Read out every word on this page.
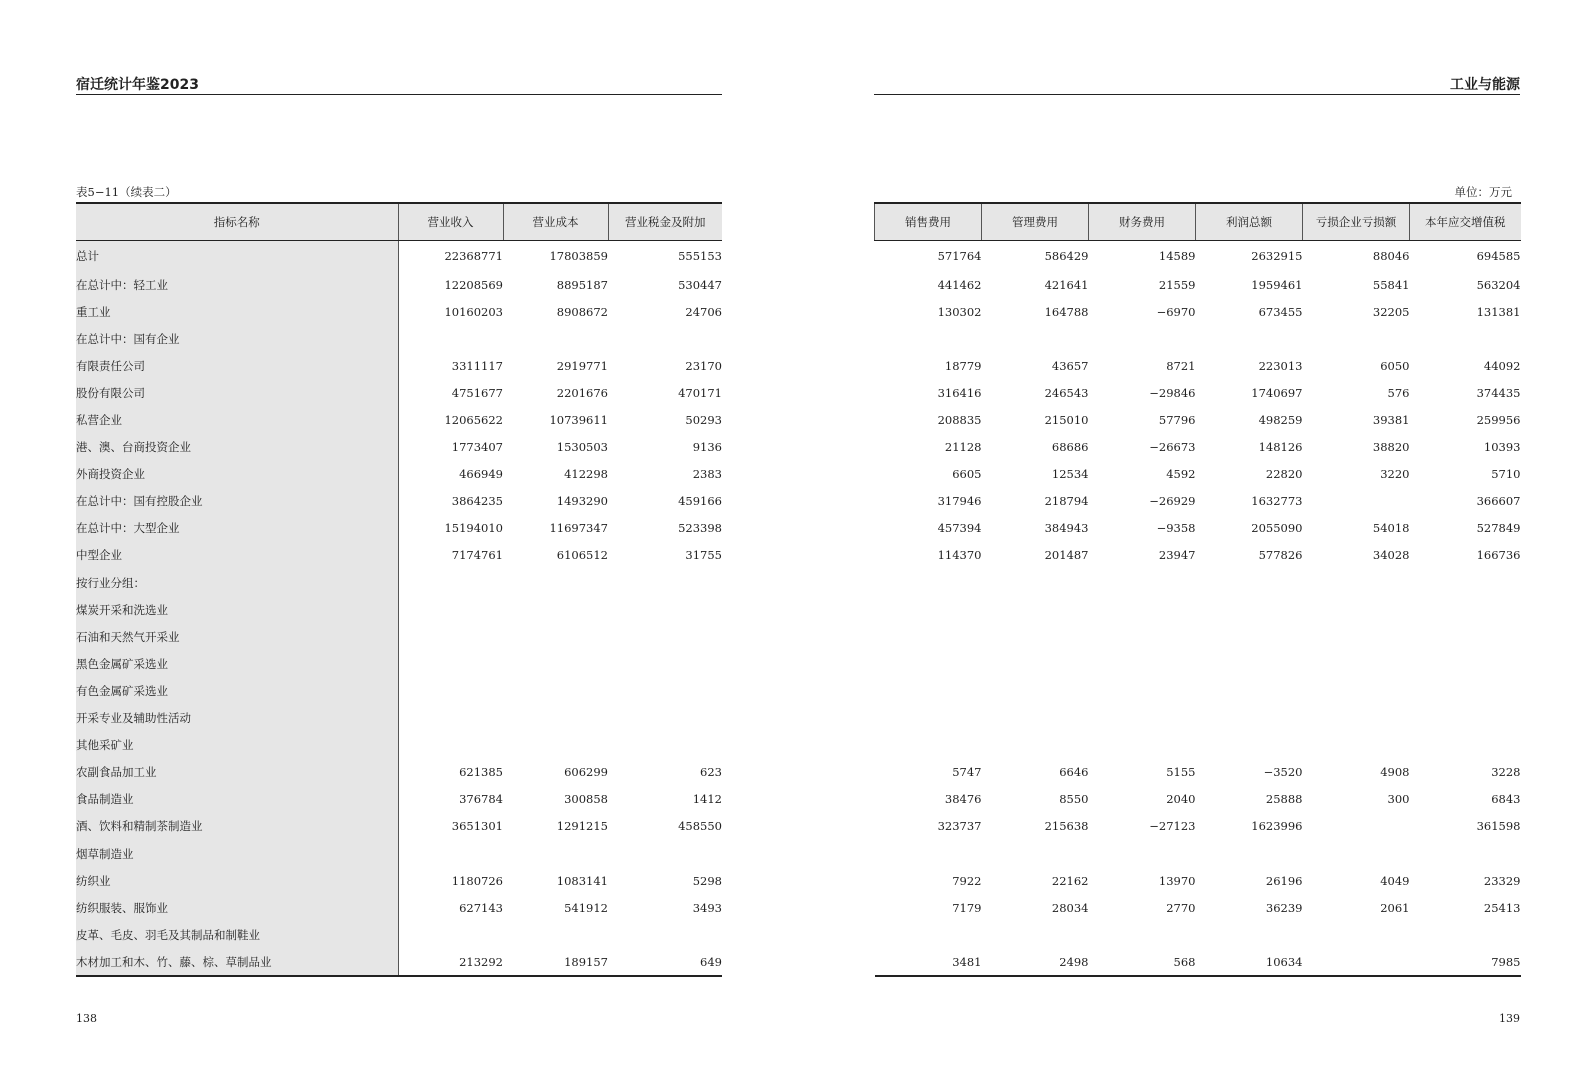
宿迁统计年鉴2023
表5−11（续表二）
指标名称	营业收入	营业成本	营业税金及附加
总计	22368771	17803859	555153
在总计中：轻工业	12208569	8895187	530447
重工业	10160203	8908672	24706
在总计中：国有企业			
有限责任公司	3311117	2919771	23170
股份有限公司	4751677	2201676	470171
私营企业	12065622	10739611	50293
港、澳、台商投资企业	1773407	1530503	9136
外商投资企业	466949	412298	2383
在总计中：国有控股企业	3864235	1493290	459166
在总计中：大型企业	15194010	11697347	523398
中型企业	7174761	6106512	31755
按行业分组：			
煤炭开采和洗选业			
石油和天然气开采业			
黑色金属矿采选业			
有色金属矿采选业			
开采专业及辅助性活动			
其他采矿业			
农副食品加工业	621385	606299	623
食品制造业	376784	300858	1412
酒、饮料和精制茶制造业	3651301	1291215	458550
烟草制造业			
纺织业	1180726	1083141	5298
纺织服装、服饰业	627143	541912	3493
皮革、毛皮、羽毛及其制品和制鞋业			
木材加工和木、竹、藤、棕、草制品业	213292	189157	649
138
工业与能源
单位：万元
销售费用	管理费用	财务费用	利润总额	亏损企业亏损额	本年应交增值税
571764	586429	14589	2632915	88046	694585
441462	421641	21559	1959461	55841	563204
130302	164788	−6970	673455	32205	131381

18779	43657	8721	223013	6050	44092
316416	246543	−29846	1740697	576	374435
208835	215010	57796	498259	39381	259956
21128	68686	−26673	148126	38820	10393
6605	12534	4592	22820	3220	5710
317946	218794	−26929	1632773		366607
457394	384943	−9358	2055090	54018	527849
114370	201487	23947	577826	34028	166736

5747	6646	5155	−3520	4908	3228
38476	8550	2040	25888	300	6843
323737	215638	−27123	1623996		361598

7922	22162	13970	26196	4049	23329
7179	28034	2770	36239	2061	25413

3481	2498	568	10634		7985
139
